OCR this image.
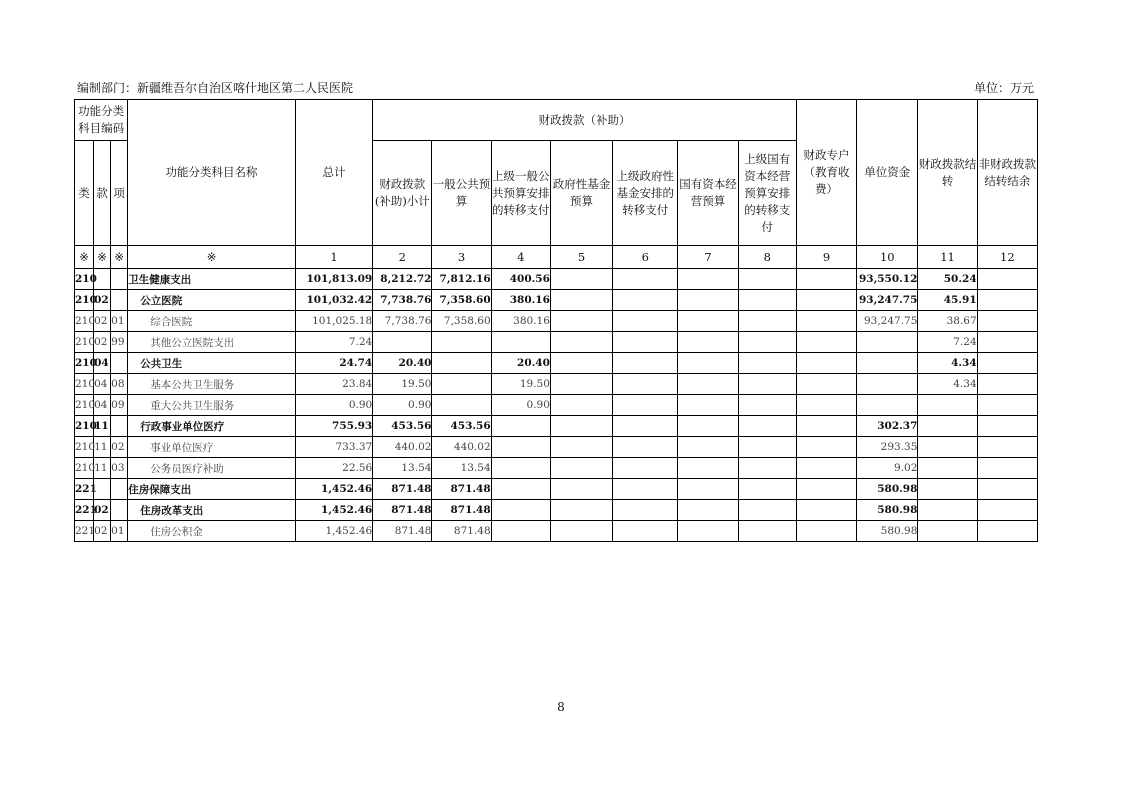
编制部门：新疆维吾尔自治区喀什地区第二人民医院	单位：万元
功能分类科目编码			功能分类科目名称	总计	财政拨款（补助）							财政专户（教育收费）	单位资金	财政拨款结转	非财政拨款结转结余
类	款	项			财政拨款(补助)小计	一般公共预算	上级一般公共预算安排的转移支付	政府性基金预算	上级政府性基金安排的转移支付	国有资本经营预算	上级国有资本经营预算安排的转移支付				
※	※	※	※	1	2	3	4	5	6	7	8	9	10	11	12
210			卫生健康支出	101,813.09	8,212.72	7,812.16	400.56						93,550.12	50.24	
210	02		公立医院	101,032.42	7,738.76	7,358.60	380.16						93,247.75	45.91	
210	02	01	综合医院	101,025.18	7,738.76	7,358.60	380.16						93,247.75	38.67	
210	02	99	其他公立医院支出	7.24										7.24	
210	04		公共卫生	24.74	20.40		20.40							4.34	
210	04	08	基本公共卫生服务	23.84	19.50		19.50							4.34	
210	04	09	重大公共卫生服务	0.90	0.90		0.90								
210	11		行政事业单位医疗	755.93	453.56	453.56							302.37		
210	11	02	事业单位医疗	733.37	440.02	440.02							293.35		
210	11	03	公务员医疗补助	22.56	13.54	13.54							9.02		
221			住房保障支出	1,452.46	871.48	871.48							580.98		
221	02		住房改革支出	1,452.46	871.48	871.48							580.98		
221	02	01	住房公积金	1,452.46	871.48	871.48							580.98		
8
